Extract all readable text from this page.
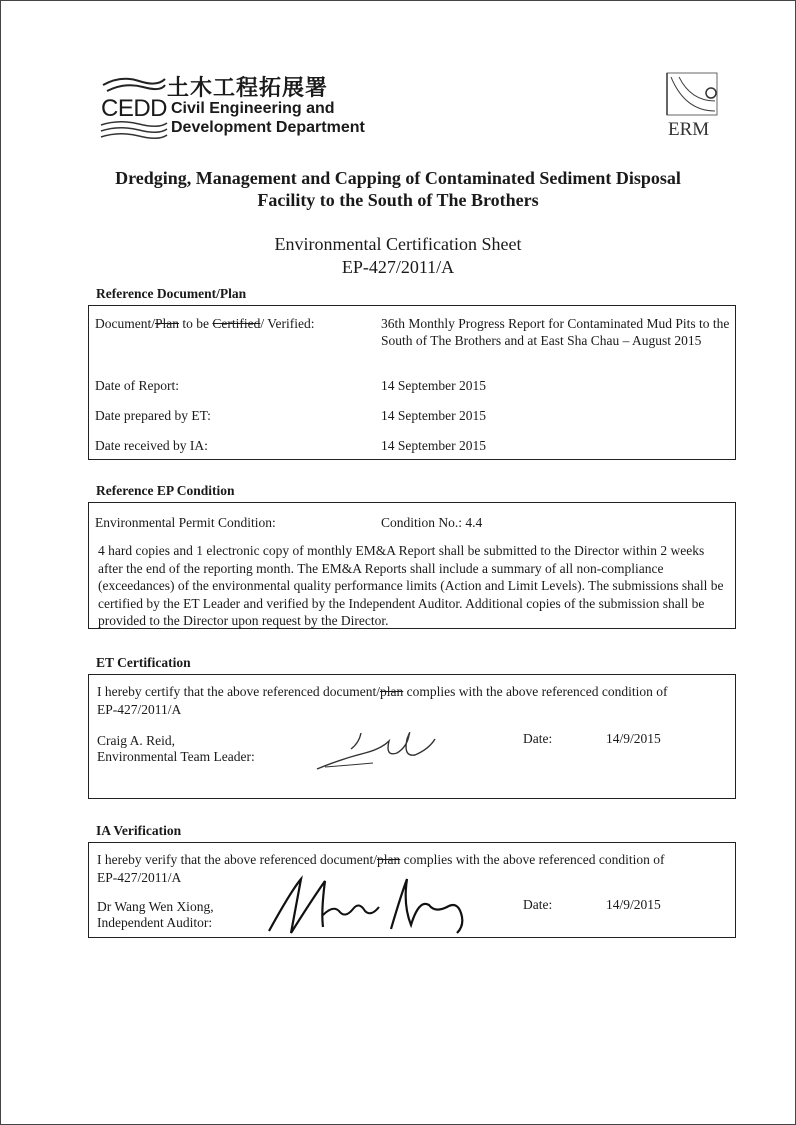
土木工程拓展署
CEDD Civil Engineering and
Development Department	ERM
Dredging, Management and Capping of Contaminated Sediment Disposal
Facility to the South of The Brothers
Environmental Certification Sheet
EP-427/2011/A
Reference Document/Plan
Document/Plan to be Certified/ Verified:	36th Monthly Progress Report for Contaminated Mud Pits to the South of The Brothers and at East Sha Chau – August 2015
Date of Report:	14 September 2015
Date prepared by ET:	14 September 2015
Date received by IA:	14 September 2015
Reference EP Condition
Environmental Permit Condition:	Condition No.: 4.4
4 hard copies and 1 electronic copy of monthly EM&A Report shall be submitted to the Director within 2 weeks after the end of the reporting month. The EM&A Reports shall include a summary of all non-compliance (exceedances) of the environmental quality performance limits (Action and Limit Levels). The submissions shall be certified by the ET Leader and verified by the Independent Auditor. Additional copies of the submission shall be provided to the Director upon request by the Director.
ET Certification
I hereby certify that the above referenced document/plan complies with the above referenced condition of
EP-427/2011/A
Craig A. Reid,
Environmental Team Leader:
Date:	14/9/2015
IA Verification
I hereby verify that the above referenced document/plan complies with the above referenced condition of
EP-427/2011/A
Dr Wang Wen Xiong,
Independent Auditor:
Date:	14/9/2015
